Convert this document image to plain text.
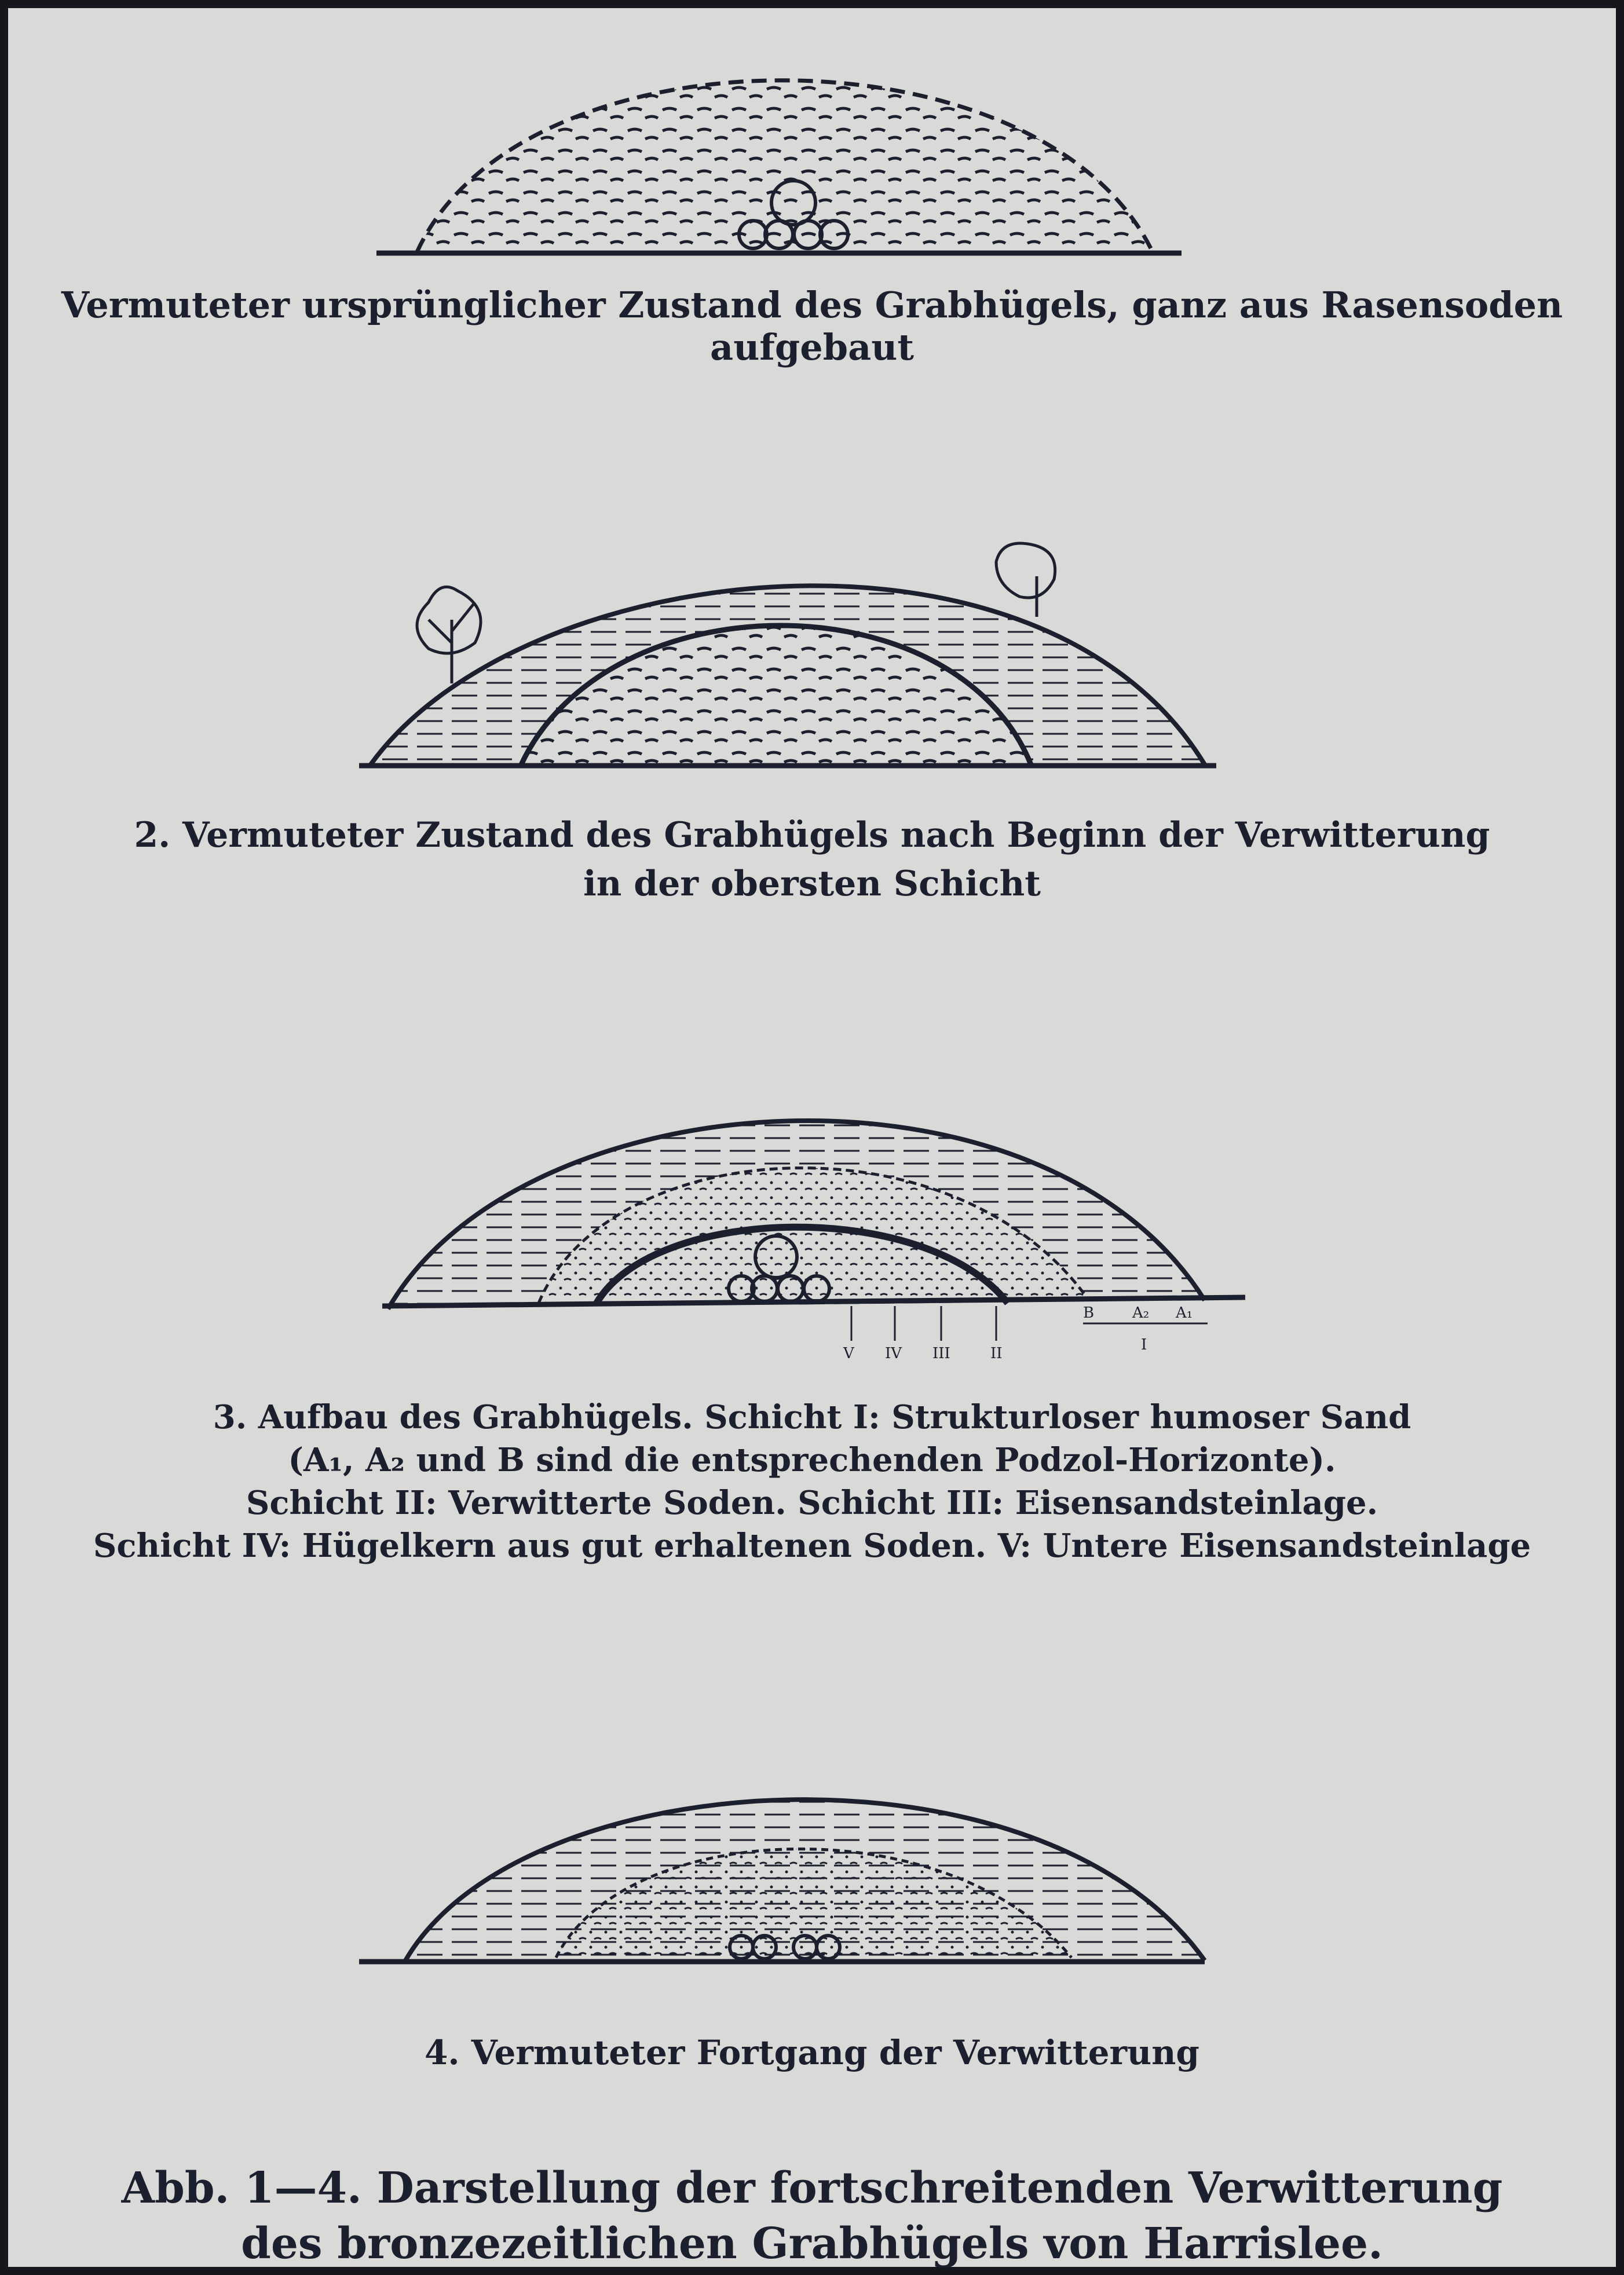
Vermuteter ursprünglicher Zustand des Grabhügels, ganz aus Rasensoden aufgebaut
2. Vermuteter Zustand des Grabhügels nach Beginn der Verwitterung
in der obersten Schicht
V IV III	II
B	A₂ A₁
I
3. Aufbau des Grabhügels. Schicht I: Strukturloser humoser Sand
(A₁, A₂ und B sind die entsprechenden Podzol-Horizonte).
Schicht II: Verwitterte Soden. Schicht III: Eisensandsteinlage.
Schicht IV: Hügelkern aus gut erhaltenen Soden. V: Untere Eisensandsteinlage
4. Vermuteter Fortgang der Verwitterung
Abb. 1—4. Darstellung der fortschreitenden Verwitterung
des bronzezeitlichen Grabhügels von Harrislee.
